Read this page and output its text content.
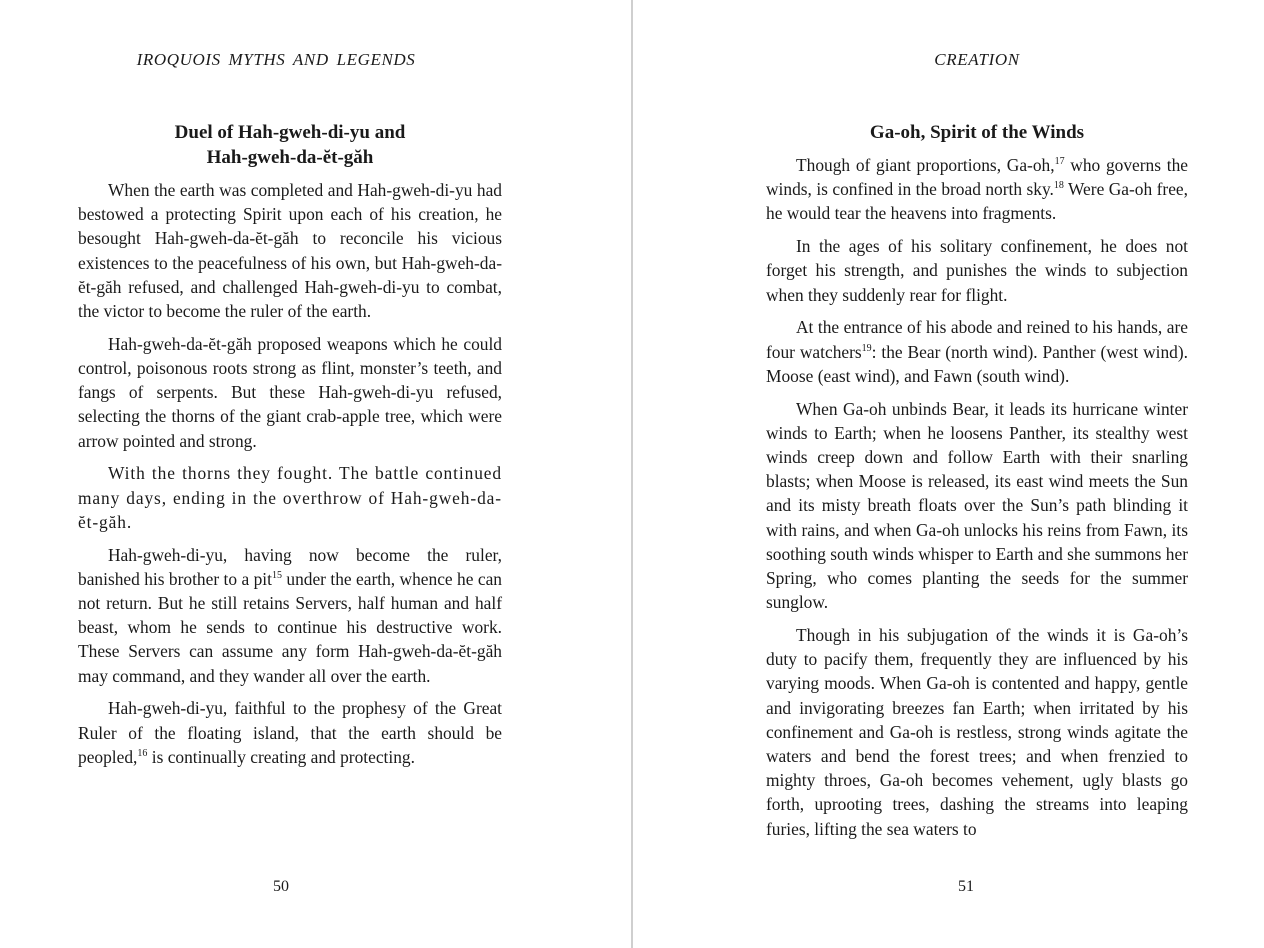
IROQUOIS MYTHS AND LEGENDS
Duel of Hah-gweh-di-yu and
Hah-gweh-da-ĕt-găh

When the earth was completed and Hah-gweh-di-yu had bestowed a protecting Spirit upon each of his creation, he besought Hah-gweh-da-ĕt-găh to reconcile his vicious existences to the peacefulness of his own, but Hah-gweh-da-ĕt-găh refused, and challenged Hah-gweh-di-yu to combat, the victor to become the ruler of the earth.

Hah-gweh-da-ĕt-găh proposed weapons which he could control, poisonous roots strong as flint, monster’s teeth, and fangs of serpents. But these Hah-gweh-di-yu refused, selecting the thorns of the giant crab-apple tree, which were arrow pointed and strong.

With the thorns they fought. The battle continued many days, ending in the overthrow of Hah-gweh-da-ĕt-găh.

Hah-gweh-di-yu, having now become the ruler, banished his brother to a pit$^{15}$ under the earth, whence he can not return. But he still retains Servers, half human and half beast, whom he sends to continue his destructive work. These Servers can assume any form Hah-gweh-da-ĕt-găh may command, and they wander all over the earth.

Hah-gweh-di-yu, faithful to the prophesy of the Great Ruler of the floating island, that the earth should be peopled,$^{16}$ is continually creating and protecting.

50
CREATION
Ga-oh, Spirit of the Winds

Though of giant proportions, Ga-oh,$^{17}$ who governs the winds, is confined in the broad north sky.$^{18}$ Were Ga-oh free, he would tear the heavens into fragments.

In the ages of his solitary confinement, he does not forget his strength, and punishes the winds to subjection when they suddenly rear for flight.

At the entrance of his abode and reined to his hands, are four watchers$^{19}$: the Bear (north wind). Panther (west wind). Moose (east wind), and Fawn (south wind).

When Ga-oh unbinds Bear, it leads its hurricane winter winds to Earth; when he loosens Panther, its stealthy west winds creep down and follow Earth with their snarling blasts; when Moose is released, its east wind meets the Sun and its misty breath floats over the Sun’s path blinding it with rains, and when Ga-oh unlocks his reins from Fawn, its soothing south winds whisper to Earth and she summons her Spring, who comes planting the seeds for the summer sunglow.

Though in his subjugation of the winds it is Ga-oh’s duty to pacify them, frequently they are influenced by his varying moods. When Ga-oh is contented and happy, gentle and invigorating breezes fan Earth; when irritated by his confinement and Ga-oh is restless, strong winds agitate the waters and bend the forest trees; and when frenzied to mighty throes, Ga-oh becomes vehement, ugly blasts go forth, uprooting trees, dashing the streams into leaping furies, lifting the sea waters to

51
